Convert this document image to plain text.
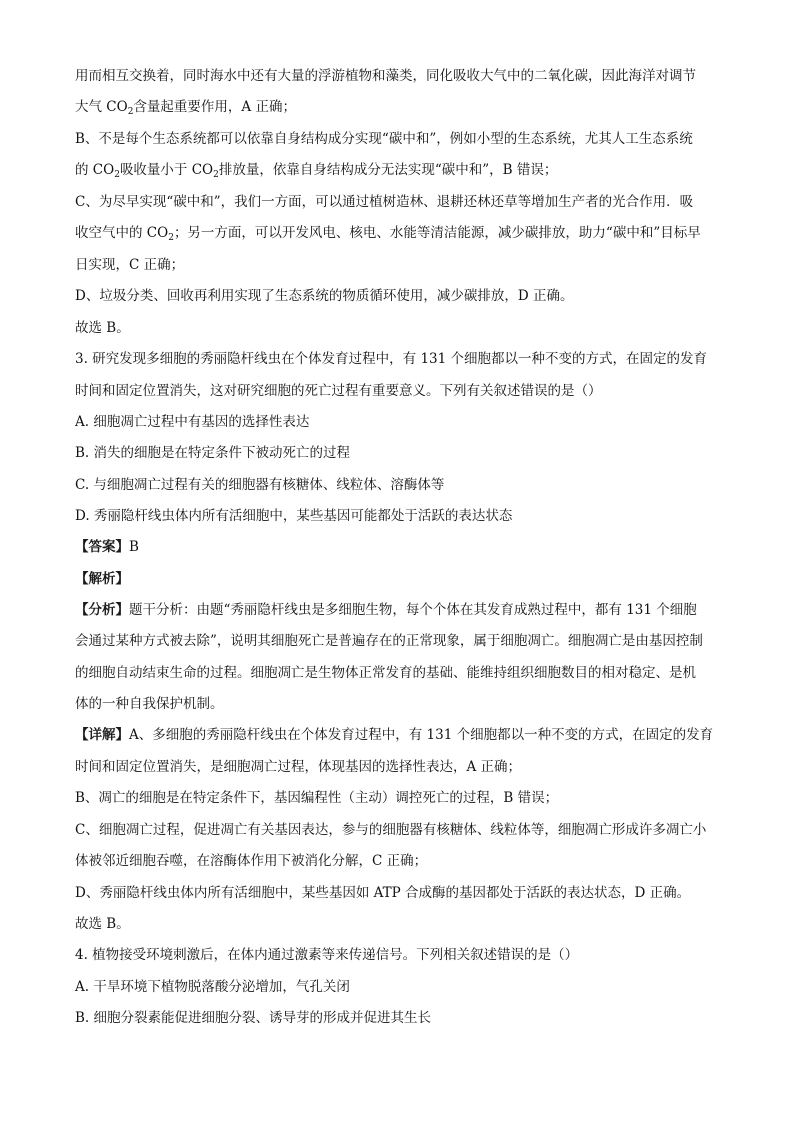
用而相互交换着，同时海水中还有大量的浮游植物和藻类，同化吸收大气中的二氧化碳，因此海洋对调节
大气 $CO_2$含量起重要作用，A 正确；
B、不是每个生态系统都可以依靠自身结构成分实现“碳中和”，例如小型的生态系统，尤其人工生态系统
的 $CO_2$吸收量小于 $CO_2$排放量，依靠自身结构成分无法实现“碳中和”，B 错误；
C、为尽早实现“碳中和”，我们一方面，可以通过植树造林、退耕还林还草等增加生产者的光合作用．吸
收空气中的 $CO_2$；另一方面，可以开发风电、核电、水能等清洁能源，减少碳排放，助力“碳中和”目标早
日实现，C 正确；
D、垃圾分类、回收再利用实现了生态系统的物质循环使用，减少碳排放，D 正确。
故选 B。
3. 研究发现多细胞的秀丽隐杆线虫在个体发育过程中，有 131 个细胞都以一种不变的方式，在固定的发育
时间和固定位置消失，这对研究细胞的死亡过程有重要意义。下列有关叙述错误的是（）
A. 细胞凋亡过程中有基因的选择性表达
B. 消失的细胞是在特定条件下被动死亡的过程
C. 与细胞凋亡过程有关的细胞器有核糖体、线粒体、溶酶体等
D. 秀丽隐杆线虫体内所有活细胞中，某些基因可能都处于活跃的表达状态
【答案】B
【解析】
【分析】题干分析：由题“秀丽隐杆线虫是多细胞生物，每个个体在其发育成熟过程中，都有 131 个细胞
会通过某种方式被去除”，说明其细胞死亡是普遍存在的正常现象，属于细胞凋亡。细胞凋亡是由基因控制
的细胞自动结束生命的过程。细胞凋亡是生物体正常发育的基础、能维持组织细胞数目的相对稳定、是机
体的一种自我保护机制。
【详解】A、多细胞的秀丽隐杆线虫在个体发育过程中，有 131 个细胞都以一种不变的方式，在固定的发育
时间和固定位置消失，是细胞凋亡过程，体现基因的选择性表达，A 正确；
B、凋亡的细胞是在特定条件下，基因编程性（主动）调控死亡的过程，B 错误；
C、细胞凋亡过程，促进凋亡有关基因表达，参与的细胞器有核糖体、线粒体等，细胞凋亡形成许多凋亡小
体被邻近细胞吞噬，在溶酶体作用下被消化分解，C 正确；
D、秀丽隐杆线虫体内所有活细胞中，某些基因如 ATP 合成酶的基因都处于活跃的表达状态，D 正确。
故选 B。
4. 植物接受环境刺激后，在体内通过激素等来传递信号。下列相关叙述错误的是（）
A. 干旱环境下植物脱落酸分泌增加，气孔关闭
B. 细胞分裂素能促进细胞分裂、诱导芽的形成并促进其生长
